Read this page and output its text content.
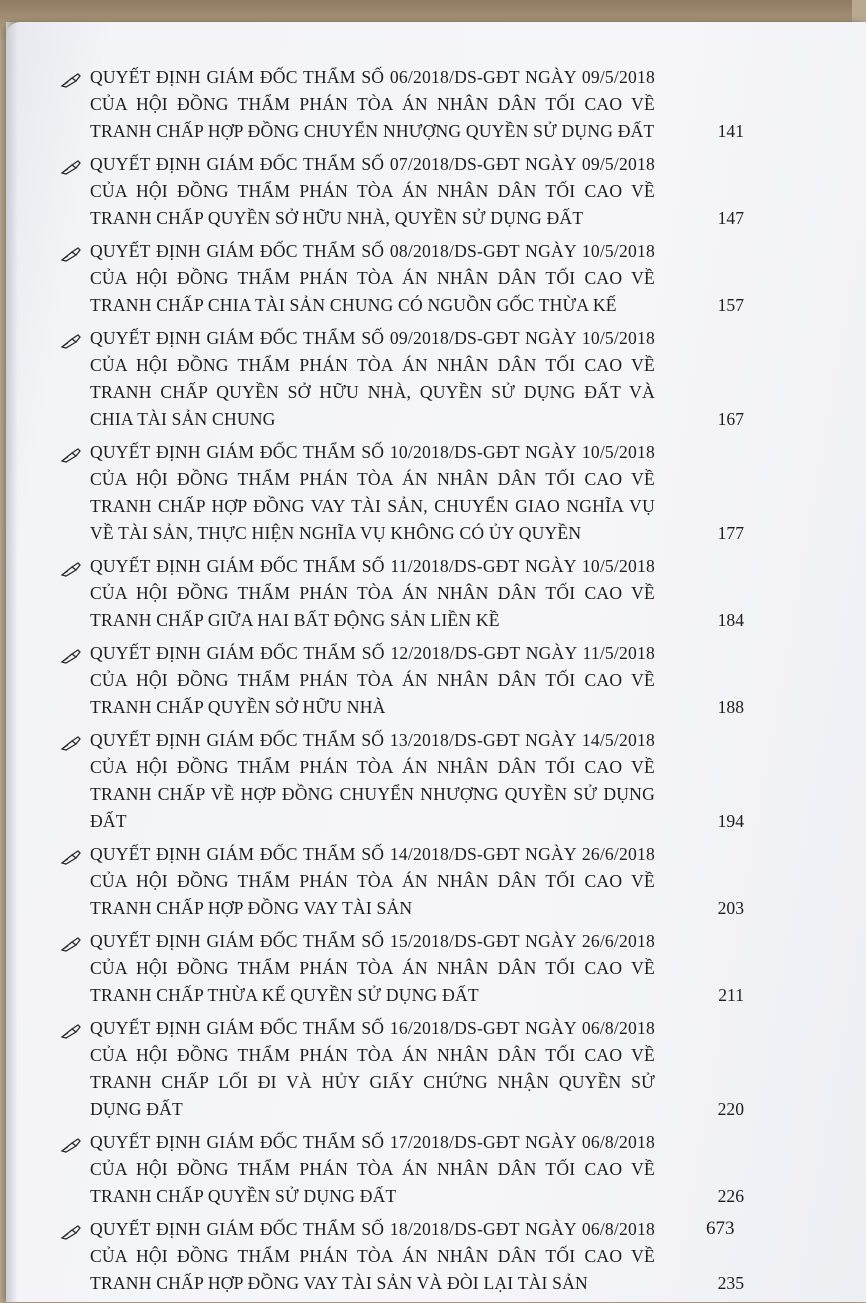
QUYẾT ĐỊNH GIÁM ĐỐC THẨM SỐ 06/2018/DS-GĐT NGÀY 09/5/2018 CỦA HỘI ĐỒNG THẨM PHÁN TÒA ÁN NHÂN DÂN TỐI CAO VỀ TRANH CHẤP HỢP ĐỒNG CHUYỂN NHƯỢNG QUYỀN SỬ DỤNG ĐẤT	141
QUYẾT ĐỊNH GIÁM ĐỐC THẨM SỐ 07/2018/DS-GĐT NGÀY 09/5/2018 CỦA HỘI ĐỒNG THẨM PHÁN TÒA ÁN NHÂN DÂN TỐI CAO VỀ TRANH CHẤP QUYỀN SỞ HỮU NHÀ, QUYỀN SỬ DỤNG ĐẤT	147
QUYẾT ĐỊNH GIÁM ĐỐC THẨM SỐ 08/2018/DS-GĐT NGÀY 10/5/2018 CỦA HỘI ĐỒNG THẨM PHÁN TÒA ÁN NHÂN DÂN TỐI CAO VỀ TRANH CHẤP CHIA TÀI SẢN CHUNG CÓ NGUỒN GỐC THỪA KẾ	157
QUYẾT ĐỊNH GIÁM ĐỐC THẨM SỐ 09/2018/DS-GĐT NGÀY 10/5/2018 CỦA HỘI ĐỒNG THẨM PHÁN TÒA ÁN NHÂN DÂN TỐI CAO VỀ TRANH CHẤP QUYỀN SỞ HỮU NHÀ, QUYỀN SỬ DỤNG ĐẤT VÀ CHIA TÀI SẢN CHUNG	167
QUYẾT ĐỊNH GIÁM ĐỐC THẨM SỐ 10/2018/DS-GĐT NGÀY 10/5/2018 CỦA HỘI ĐỒNG THẨM PHÁN TÒA ÁN NHÂN DÂN TỐI CAO VỀ TRANH CHẤP HỢP ĐỒNG VAY TÀI SẢN, CHUYỂN GIAO NGHĨA VỤ VỀ TÀI SẢN, THỰC HIỆN NGHĨA VỤ KHÔNG CÓ ỦY QUYỀN	177
QUYẾT ĐỊNH GIÁM ĐỐC THẨM SỐ 11/2018/DS-GĐT NGÀY 10/5/2018 CỦA HỘI ĐỒNG THẨM PHÁN TÒA ÁN NHÂN DÂN TỐI CAO VỀ TRANH CHẤP GIỮA HAI BẤT ĐỘNG SẢN LIỀN KỀ	184
QUYẾT ĐỊNH GIÁM ĐỐC THẨM SỐ 12/2018/DS-GĐT NGÀY 11/5/2018 CỦA HỘI ĐỒNG THẨM PHÁN TÒA ÁN NHÂN DÂN TỐI CAO VỀ TRANH CHẤP QUYỀN SỞ HỮU NHÀ	188
QUYẾT ĐỊNH GIÁM ĐỐC THẨM SỐ 13/2018/DS-GĐT NGÀY 14/5/2018 CỦA HỘI ĐỒNG THẨM PHÁN TÒA ÁN NHÂN DÂN TỐI CAO VỀ TRANH CHẤP VỀ HỢP ĐỒNG CHUYỂN NHƯỢNG QUYỀN SỬ DỤNG ĐẤT	194
QUYẾT ĐỊNH GIÁM ĐỐC THẨM SỐ 14/2018/DS-GĐT NGÀY 26/6/2018 CỦA HỘI ĐỒNG THẨM PHÁN TÒA ÁN NHÂN DÂN TỐI CAO VỀ TRANH CHẤP HỢP ĐỒNG VAY TÀI SẢN	203
QUYẾT ĐỊNH GIÁM ĐỐC THẨM SỐ 15/2018/DS-GĐT NGÀY 26/6/2018 CỦA HỘI ĐỒNG THẨM PHÁN TÒA ÁN NHÂN DÂN TỐI CAO VỀ TRANH CHẤP THỪA KẾ QUYỀN SỬ DỤNG ĐẤT	211
QUYẾT ĐỊNH GIÁM ĐỐC THẨM SỐ 16/2018/DS-GĐT NGÀY 06/8/2018 CỦA HỘI ĐỒNG THẨM PHÁN TÒA ÁN NHÂN DÂN TỐI CAO VỀ TRANH CHẤP LỐI ĐI VÀ HỦY GIẤY CHỨNG NHẬN QUYỀN SỬ DỤNG ĐẤT	220
QUYẾT ĐỊNH GIÁM ĐỐC THẨM SỐ 17/2018/DS-GĐT NGÀY 06/8/2018 CỦA HỘI ĐỒNG THẨM PHÁN TÒA ÁN NHÂN DÂN TỐI CAO VỀ TRANH CHẤP QUYỀN SỬ DỤNG ĐẤT	226
QUYẾT ĐỊNH GIÁM ĐỐC THẨM SỐ 18/2018/DS-GĐT NGÀY 06/8/2018 CỦA HỘI ĐỒNG THẨM PHÁN TÒA ÁN NHÂN DÂN TỐI CAO VỀ TRANH CHẤP HỢP ĐỒNG VAY TÀI SẢN VÀ ĐÒI LẠI TÀI SẢN	235
673
